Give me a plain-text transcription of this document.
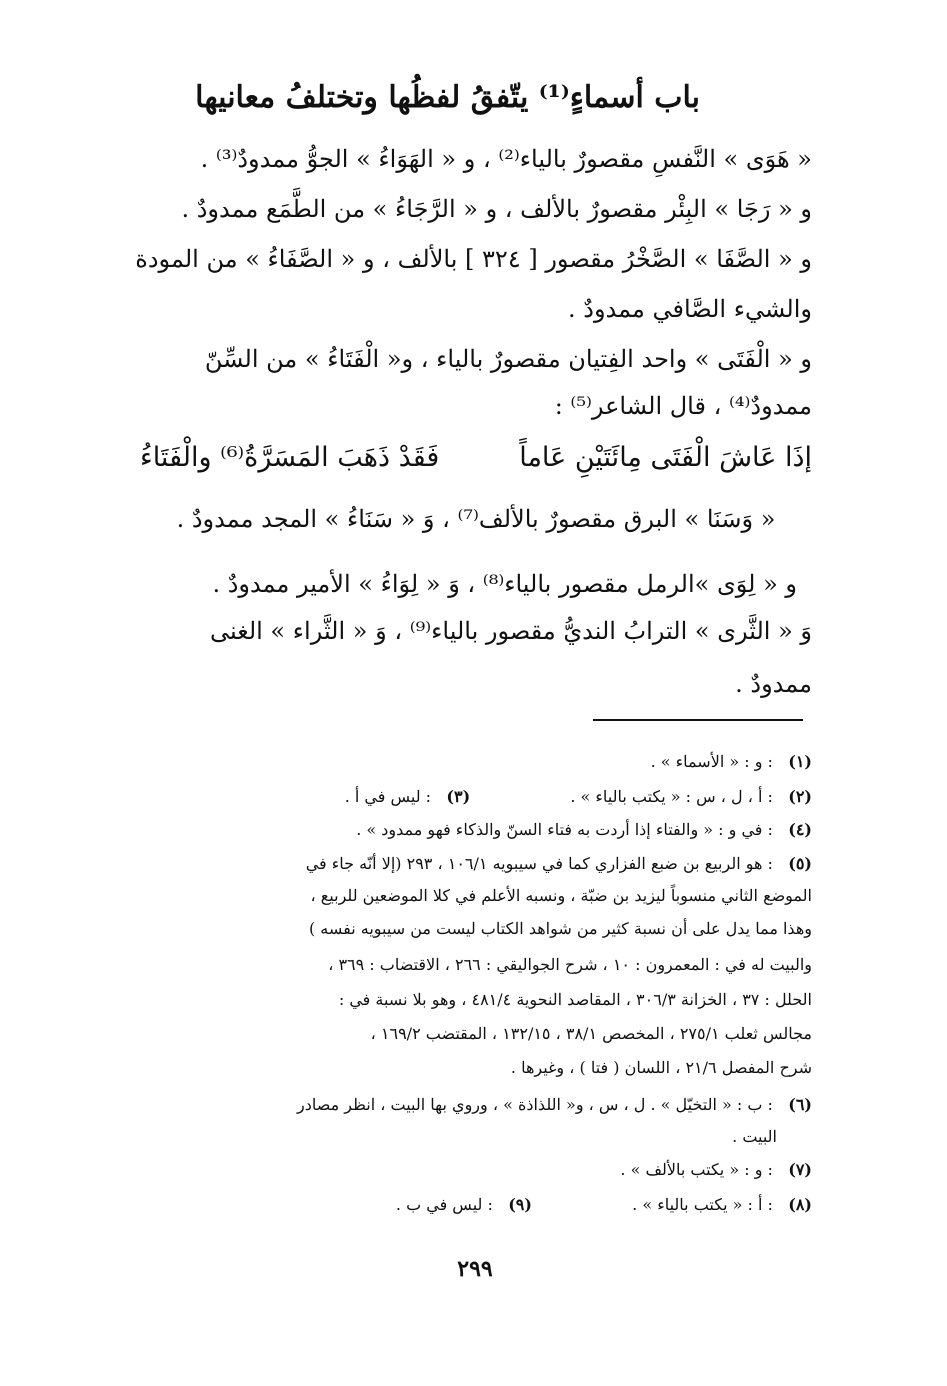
باب أسماءٍ⁽¹⁾ يتّفقُ لفظُها وتختلفُ معانيها
« هَوَى » النَّفسِ مقصورٌ بالياء⁽²⁾ ، و « الهَوَاءُ » الجوُّ ممدودٌ⁽³⁾ .
و « رَجَا » البِئْر مقصورٌ بالألف ، و « الرَّجَاءُ » من الطَّمَع ممدودٌ .
و « الصَّفَا » الصَّخْرُ مقصور [ ٣٢٤ ] بالألف ، و « الصَّفَاءُ » من المودة
والشيء الصَّافي ممدودٌ .
و « الْفَتَى » واحد الفِتيان مقصورٌ بالياء ، و« الْفَتَاءُ » من السِّنّ
ممدودٌ⁽⁴⁾ ، قال الشاعر⁽⁵⁾ :
إذَا عَاشَ الْفَتَى مِائَتَيْنِ عَاماً
فَقَدْ ذَهَبَ المَسَرَّةُ⁽⁶⁾ والْفَتَاءُ
« وَسَنَا » البرق مقصورٌ بالألف⁽⁷⁾ ، وَ « سَنَاءُ » المجد ممدودٌ .
و « لِوَى »الرمل مقصور بالياء⁽⁸⁾ ، وَ « لِوَاءُ » الأمير ممدودٌ .
وَ « الثَّرى » الترابُ النديُّ مقصور بالياء⁽⁹⁾ ، وَ « الثَّراء » الغنى
ممدودٌ .
(١) : و : « الأسماء » .
(٢) : أ ، ل ، س : « يكتب بالياء » .  (٣) : ليس في أ .
(٤) : في و : « والفتاء إذا أردت به فتاء السنّ والذكاء فهو ممدود » .
(٥) : هو الربيع بن ضبع الفزاري كما في سيبويه ١٠٦/١ ، ٢٩٣ (إلا أنّه جاء في
الموضع الثاني منسوباً ليزيد بن ضبّة ، ونسبه الأعلم في كلا الموضعين للربيع ،
وهذا مما يدل على أن نسبة كثير من شواهد الكتاب ليست من سيبويه نفسه )
والبيت له في : المعمرون : ١٠ ، شرح الجواليقي : ٢٦٦ ، الاقتضاب : ٣٦٩ ،
الحلل : ٣٧ ، الخزانة ٣٠٦/٣ ، المقاصد النحوية ٤٨١/٤ ، وهو بلا نسبة في :
مجالس ثعلب ٢٧٥/١ ، المخصص ٣٨/١ ، ١٣٢/١٥ ، المقتضب ١٦٩/٢ ،
شرح المفصل ٢١/٦ ، اللسان ( فتا ) ، وغيرها .
(٦) : ب : « التخيّل » . ل ، س ، و« اللذاذة » ، وروي بها البيت ، انظر مصادر
البيت .
(٧) : و : « يكتب بالألف » .
(٨) : أ : « يكتب بالياء » .  (٩) : ليس في ب .
٢٩٩
